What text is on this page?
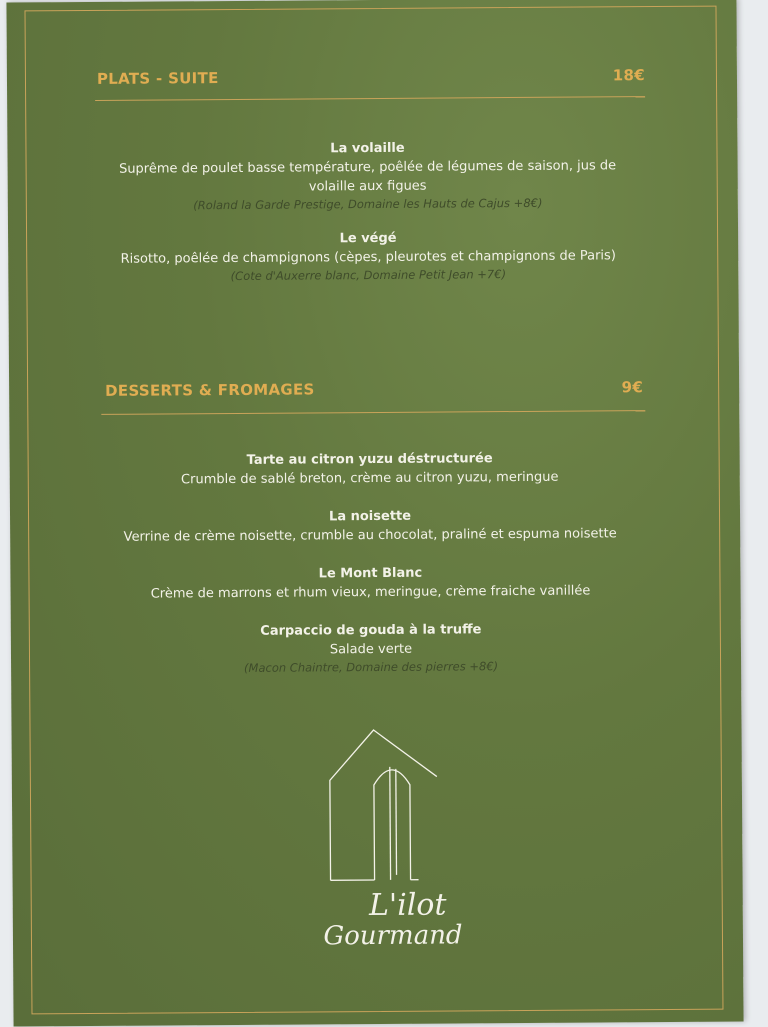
PLATS - SUITE	18€
La volaille
Suprême de poulet basse température, poêlée de légumes de saison, jus de volaille aux figues
(Roland la Garde Prestige, Domaine les Hauts de Cajus +8€)
Le végé
Risotto, poêlée de champignons (cèpes, pleurotes et champignons de Paris)
(Cote d'Auxerre blanc, Domaine Petit Jean +7€)
DESSERTS & FROMAGES	9€
Tarte au citron yuzu déstructurée
Crumble de sablé breton, crème au citron yuzu, meringue
La noisette
Verrine de crème noisette, crumble au chocolat, praliné et espuma noisette
Le Mont Blanc
Crème de marrons et rhum vieux, meringue, crème fraiche vanillée
Carpaccio de gouda à la truffe
Salade verte
(Macon Chaintre, Domaine des pierres +8€)
L'ilot
Gourmand
